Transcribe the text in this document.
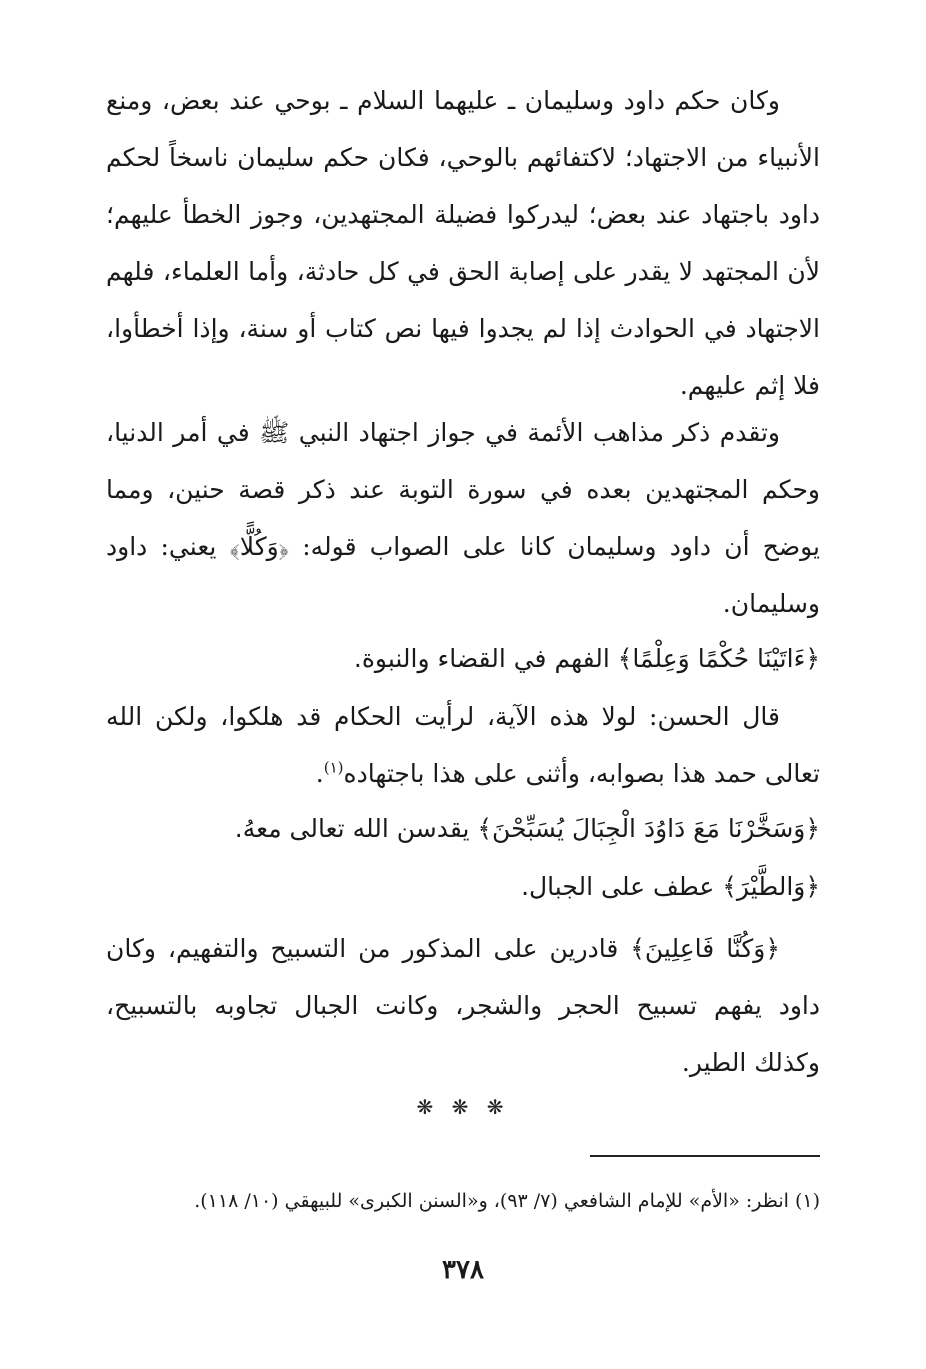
وكان حكم داود وسليمان ـ عليهما السلام ـ بوحي عند بعض، ومنع الأنبياء من الاجتهاد؛ لاكتفائهم بالوحي، فكان حكم سليمان ناسخاً لحكم داود باجتهاد عند بعض؛ ليدركوا فضيلة المجتهدين، وجوز الخطأ عليهم؛ لأن المجتهد لا يقدر على إصابة الحق في كل حادثة، وأما العلماء، فلهم الاجتهاد في الحوادث إذا لم يجدوا فيها نص كتاب أو سنة، وإذا أخطأوا، فلا إثم عليهم.

وتقدم ذكر مذاهب الأئمة في جواز اجتهاد النبي ﷺ في أمر الدنيا، وحكم المجتهدين بعده في سورة التوبة عند ذكر قصة حنين، ومما يوضح أن داود وسليمان كانا على الصواب قوله: ﴿وَكُلًّا﴾ يعني: داود وسليمان.

﴿ءَاتَيْنَا حُكْمًا وَعِلْمًا﴾ الفهم في القضاء والنبوة.

قال الحسن: لولا هذه الآية، لرأيت الحكام قد هلكوا، ولكن الله تعالى حمد هذا بصوابه، وأثنى على هذا باجتهاده$^{(١)}$.

﴿وَسَخَّرْنَا مَعَ دَاوُدَ الْجِبَالَ يُسَبِّحْنَ﴾ يقدسن الله تعالى معهُ.

﴿وَالطَّيْرَ﴾ عطف على الجبال.

﴿وَكُنَّا فَاعِلِينَ﴾ قادرين على المذكور من التسبيح والتفهيم، وكان داود يفهم تسبيح الحجر والشجر، وكانت الجبال تجاوبه بالتسبيح، وكذلك الطير.

❋ ❋ ❋
(١) انظر: «الأم» للإمام الشافعي (٧/ ٩٣)، و«السنن الكبرى» للبيهقي (١٠/ ١١٨).
٣٧٨
